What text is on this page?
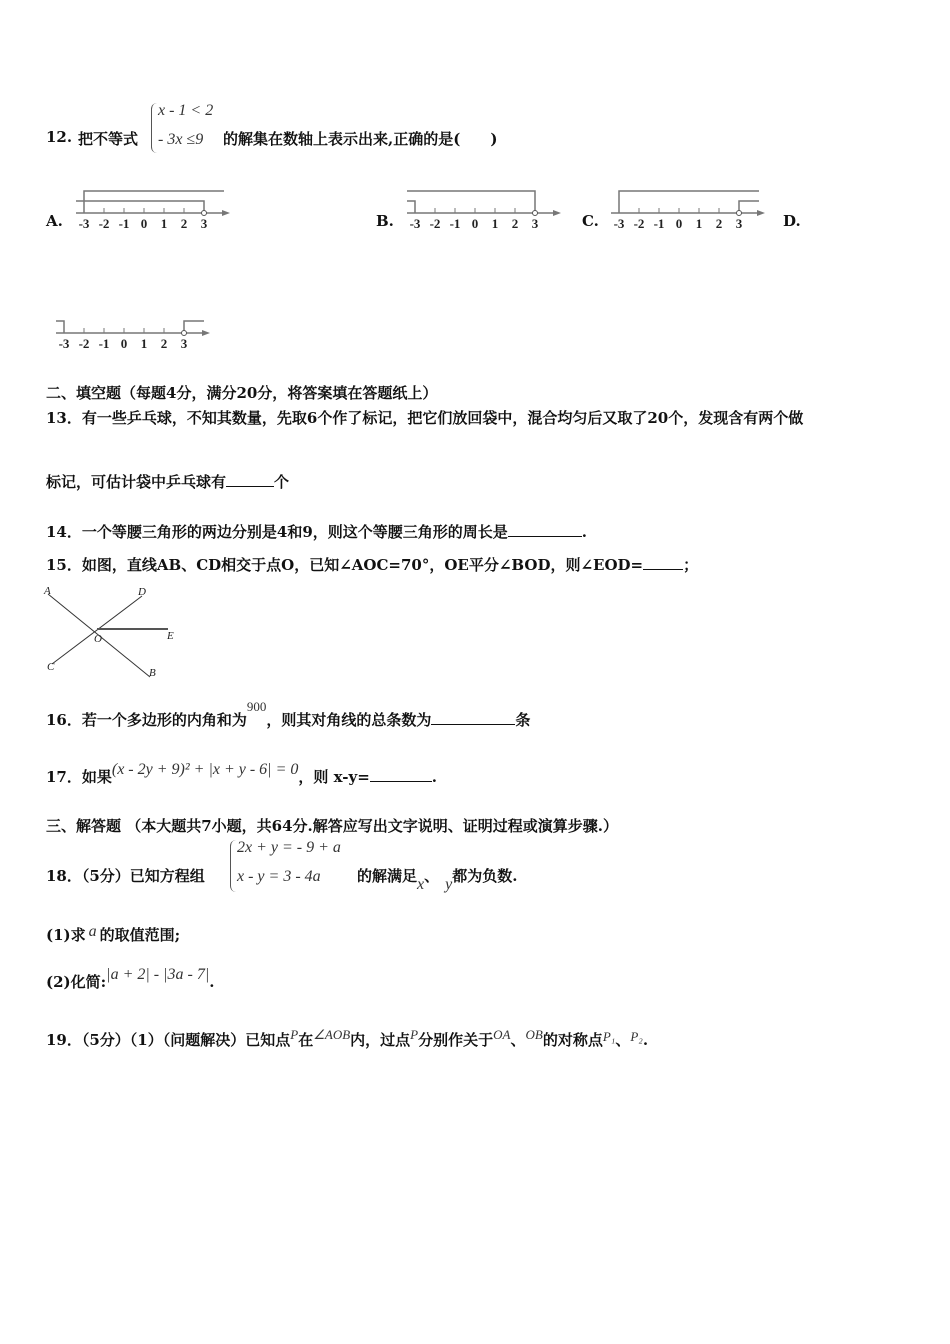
12. 把不等式
x - 1 < 2
- 3x ≤9 的解集在数轴上表示出来,正确的是(　　)
A. -3 -2 -1 0 1 2 3	B. -3 -2 -1 0 1 2 3	C. -3 -2 -1 0 1 2 3	D.
-3 -2 -1 0 1 2 3
二、填空题（每题4分，满分20分，将答案填在答题纸上）
13．有一些乒乓球，不知其数量，先取6个作了标记，把它们放回袋中，混合均匀后又取了20个，发现含有两个做
标记，可估计袋中乒乓球有	个
14．一个等腰三角形的两边分别是4和9，则这个等腰三角形的周长是	.
15．如图，直线AB、CD相交于点O，已知∠AOC=70°，OE平分∠BOD，则∠EOD=	；
A	D
O	E
C	B
16．若一个多边形的内角和为900，则其对角线的总条数为	条
17．如果(x - 2y + 9)² + |x + y - 6| = 0，则 x-y=	.
三、解答题 （本大题共7小题，共64分.解答应写出文字说明、证明过程或演算步骤.）
18．（5分）已知方程组
2x + y = - 9 + a
x - y = 3 - 4a 的解满足x、 y都为负数.
(1)求 a 的取值范围;
(2)化简:|a + 2| - |3a - 7|.
19．（5分）（1）（问题解决）已知点P在∠AOB内，过点P分别作关于OA、OB的对称点P₁、P₂.
